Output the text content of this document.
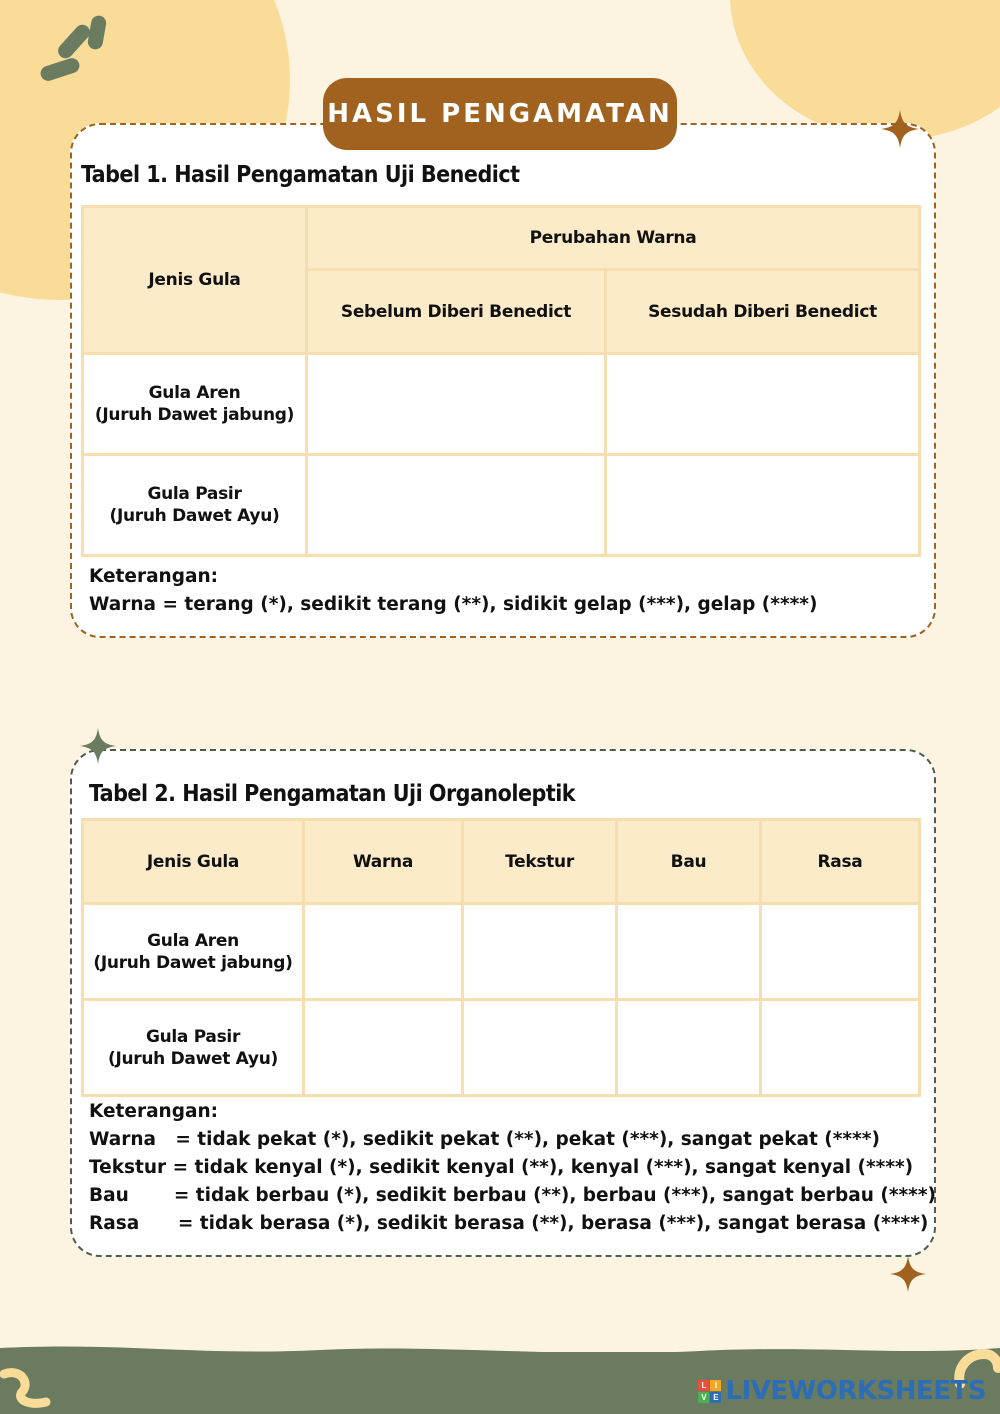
HASIL PENGAMATAN
Tabel 1. Hasil Pengamatan Uji Benedict
Jenis Gula	Perubahan Warna	
	Sebelum Diberi Benedict	Sesudah Diberi Benedict
Gula Aren
(Juruh Dawet jabung)		
Gula Pasir
(Juruh Dawet Ayu)		
Keterangan:
Warna = terang (*), sedikit terang (**), sidikit gelap (***), gelap (****)
Tabel 2. Hasil Pengamatan Uji Organoleptik
Jenis Gula	Warna	Tekstur	Bau	Rasa
Gula Aren
(Juruh Dawet jabung)				
Gula Pasir
(Juruh Dawet Ayu)				
Keterangan:
Warna   = tidak pekat (*), sedikit pekat (**), pekat (***), sangat pekat (****)
Tekstur = tidak kenyal (*), sedikit kenyal (**), kenyal (***), sangat kenyal (****)
Bau       = tidak berbau (*), sedikit berbau (**), berbau (***), sangat berbau (****)
Rasa      = tidak berasa (*), sedikit berasa (**), berasa (***), sangat berasa (****)
L	I
V E LIVEWORKSHEETS
